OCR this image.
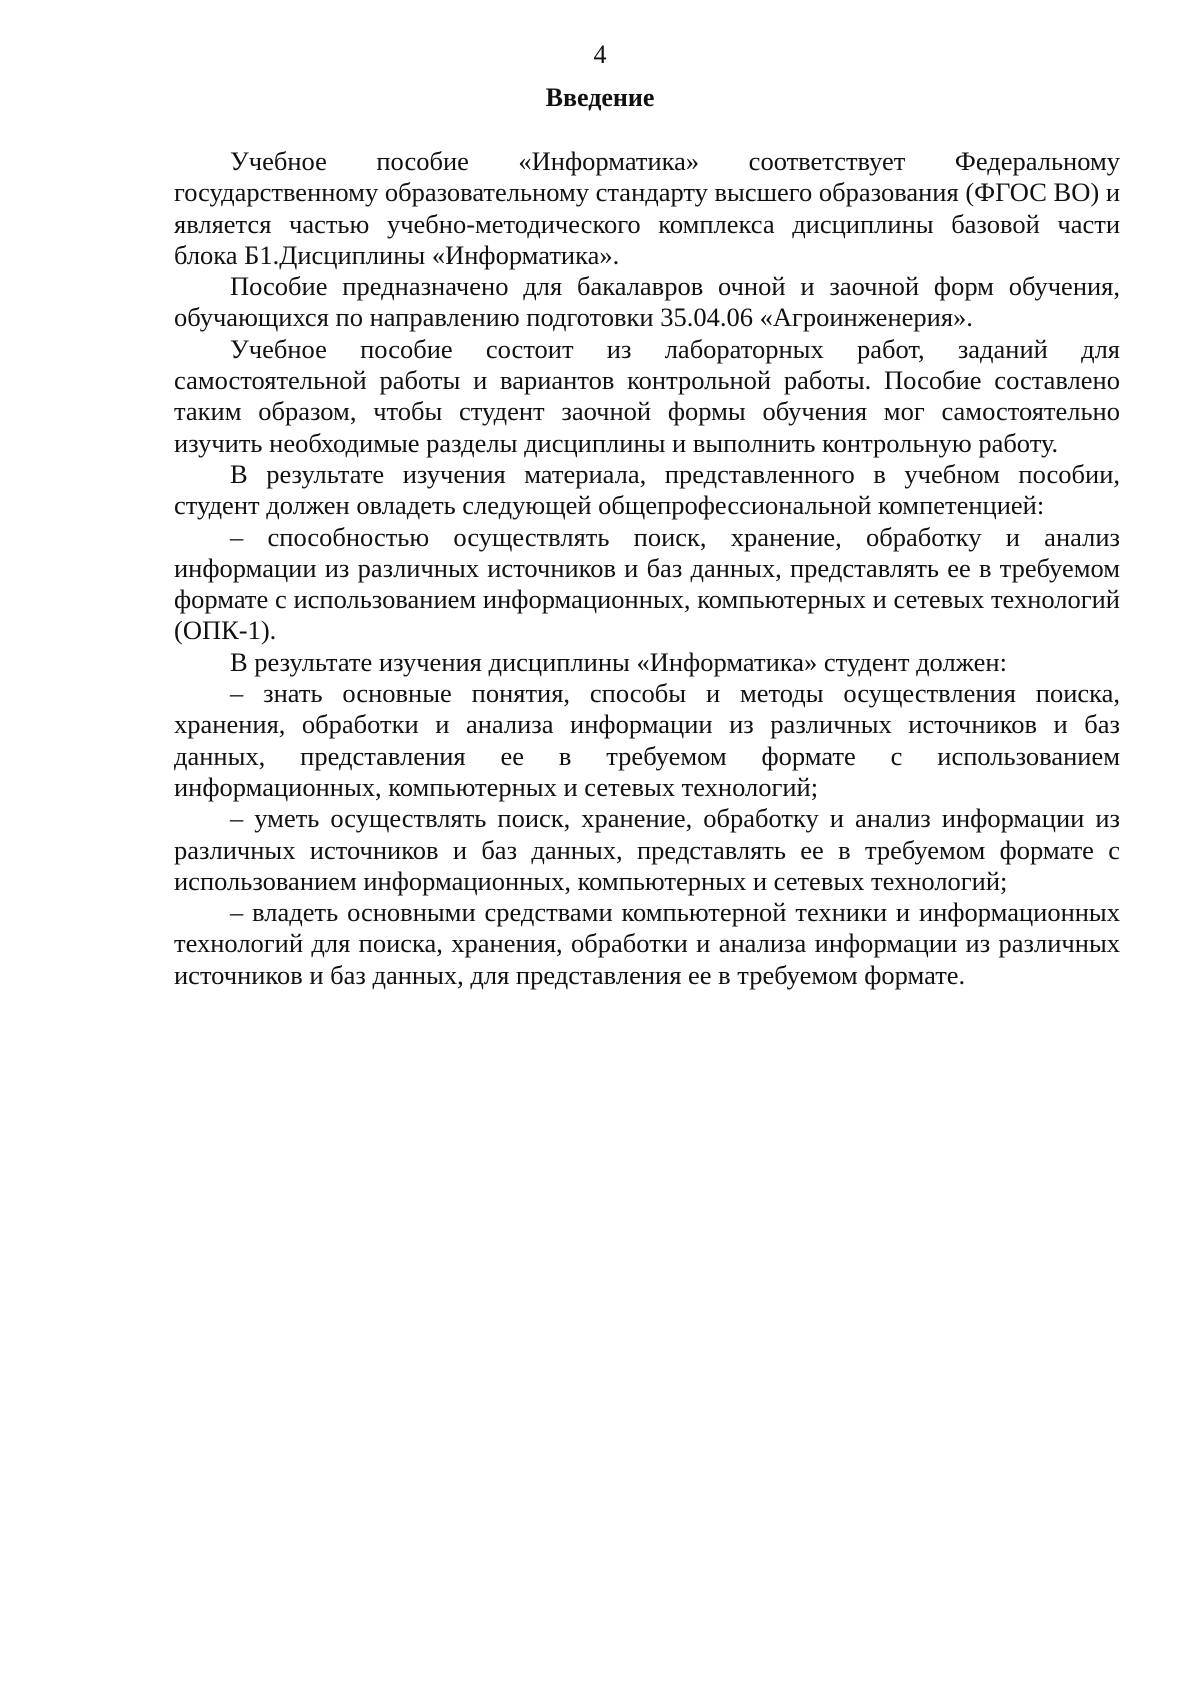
4
Введение

Учебное пособие «Информатика» соответствует Федеральному государственному образовательному стандарту высшего образования (ФГОС ВО) и является частью учебно-методического комплекса дисциплины базовой части блока Б1.Дисциплины «Информатика».

Пособие предназначено для бакалавров очной и заочной форм обучения, обучающихся по направлению подготовки 35.04.06 «Агроинженерия».

Учебное пособие состоит из лабораторных работ, заданий для самостоятельной работы и вариантов контрольной работы. Пособие составлено таким образом, чтобы студент заочной формы обучения мог самостоятельно изучить необходимые разделы дисциплины и выполнить контрольную работу.

В результате изучения материала, представленного в учебном пособии, студент должен овладеть следующей общепрофессиональной компетенцией:

– способностью осуществлять поиск, хранение, обработку и анализ информации из различных источников и баз данных, представлять ее в требуемом формате с использованием информационных, компьютерных и сетевых технологий (ОПК-1).

В результате изучения дисциплины «Информатика» студент должен:

– знать основные понятия, способы и методы осуществления поиска, хранения, обработки и анализа информации из различных источников и баз данных, представления ее в требуемом формате с использованием информационных, компьютерных и сетевых технологий;

– уметь осуществлять поиск, хранение, обработку и анализ информации из различных источников и баз данных, представлять ее в требуемом формате с использованием информационных, компьютерных и сетевых технологий;

– владеть основными средствами компьютерной техники и информационных технологий для поиска, хранения, обработки и анализа информации из различных источников и баз данных, для представления ее в требуемом формате.
